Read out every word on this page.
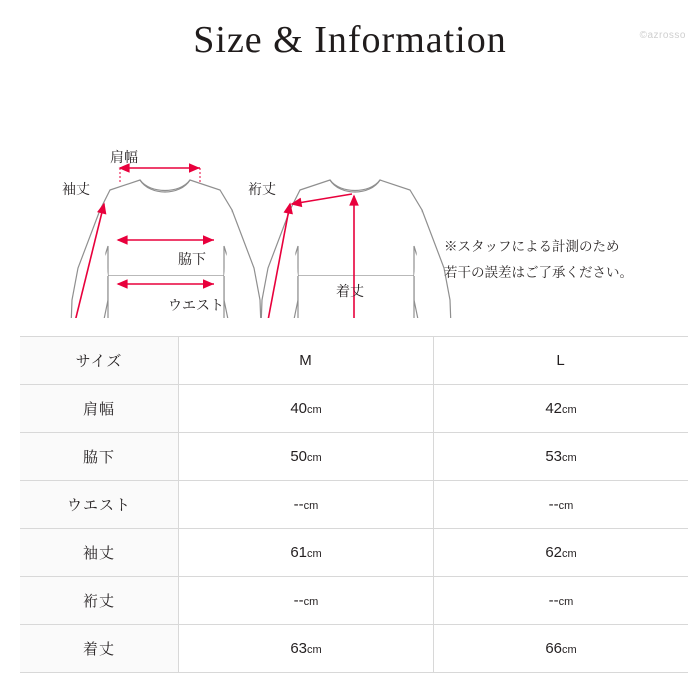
Size & Information	©azrosso
肩幅
脇下
ウエスト
袖丈	裄丈
着丈
※スタッフによる計測のため
若干の誤差はご了承ください。
サイズ	M	L
肩幅	40cm	42cm
脇下	50cm	53cm
ウエスト	--cm	--cm
袖丈	61cm	62cm
裄丈	--cm	--cm
着丈	63cm	66cm
